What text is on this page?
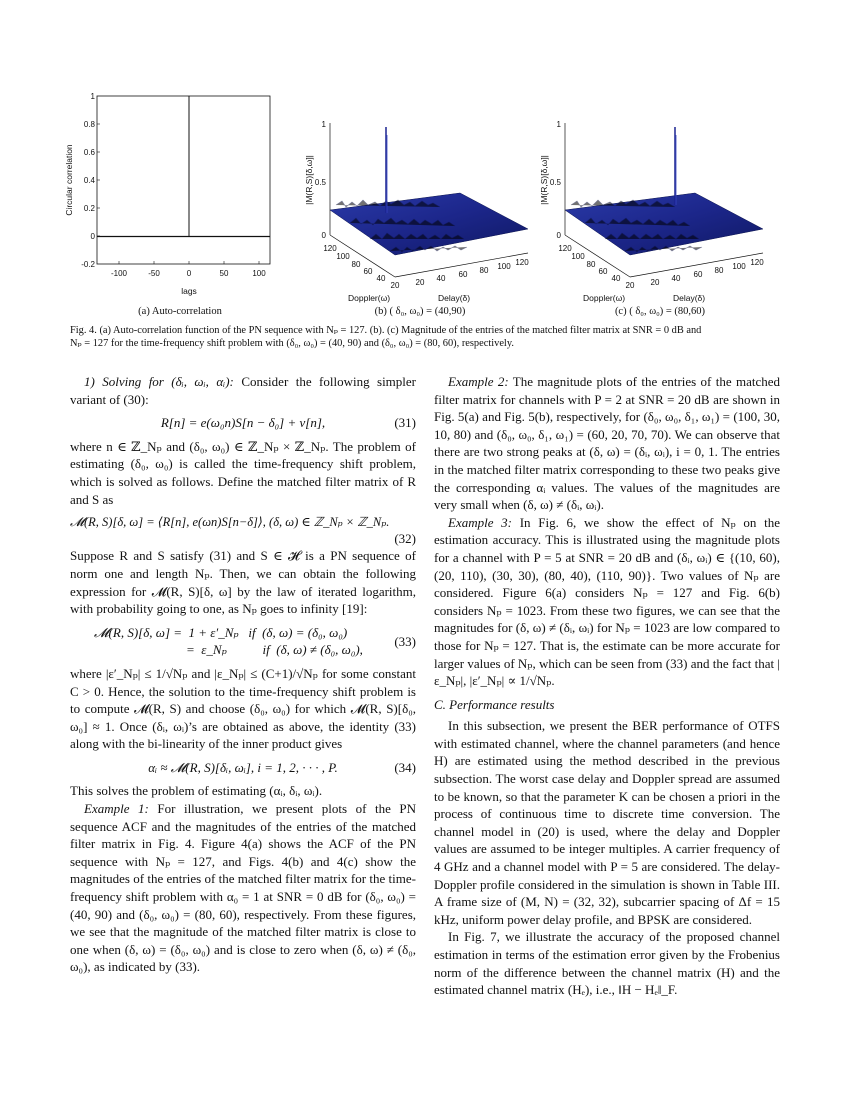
1
0.8
0.6
0.4
0.2
0
-0.2
-100	-50	0	50	100
lags
Circular correlation
1
0.5
0
120
100
80
60
40
20 20 40 60 80 100 120
|M(R,S)[δ,ω]|
Doppler(ω)	Delay(δ)
1
0.5
0
120
100
80
60
40
20 20 40 60 80 100 120
|M(R,S)[δ,ω]|
Doppler(ω)	Delay(δ)
(a) Auto-correlation	(b) ( δ₀, ω₀) = (40,90)	(c) ( δ₀, ω₀) = (80,60)
Fig. 4. (a) Auto-correlation function of the PN sequence with Nₚ = 127. (b). (c) Magnitude of the entries of the matched filter matrix at SNR = 0 dB and
Nₚ = 127 for the time-frequency shift problem with (δ₀, ω₀) = (40, 90) and (δ₀, ω₀) = (80, 60), respectively.

1) Solving for (δᵢ, ωᵢ, αᵢ): Consider the following simpler variant of (30):

R[n] = e(ω₀n)S[n − δ₀] + v[n],	(31)

where n ∈ ℤ_Nₚ and (δ₀, ω₀) ∈ ℤ_Nₚ × ℤ_Nₚ. The problem of estimating (δ₀, ω₀) is called the time-frequency shift problem, which is solved as follows. Define the matched filter matrix of R and S as

𝓜(R, S)[δ, ω] = ⟨R[n], e(ωn)S[n−δ]⟩, (δ, ω) ∈ ℤ_Nₚ × ℤ_Nₚ.
(32)

Suppose R and S satisfy (31) and S ∈ 𝓗 is a PN sequence of norm one and length Nₚ. Then, we can obtain the following expression for 𝓜(R, S)[δ, ω] by the law of iterated logarithm, with probability going to one, as Nₚ goes to infinity [19]:

𝓜(R, S)[δ, ω] =  1 + ε′_Nₚ   if  (δ, ω) = (δ₀, ω₀)
=  ε_Nₚ           if  (δ, ω) ≠ (δ₀, ω₀),
(33)

where |ε′_Nₚ| ≤ 1/√Nₚ and |ε_Nₚ| ≤ (C+1)/√Nₚ for some constant C > 0. Hence, the solution to the time-frequency shift problem is to compute 𝓜(R, S) and choose (δ₀, ω₀) for which 𝓜(R, S)[δ₀, ω₀] ≈ 1. Once (δᵢ, ωᵢ)’s are obtained as above, the identity (33) along with the bi-linearity of the inner product gives

αᵢ ≈ 𝓜(R, S)[δᵢ, ωᵢ], i = 1, 2, · · · , P.	(34)

This solves the problem of estimating (αᵢ, δᵢ, ωᵢ).

Example 1: For illustration, we present plots of the PN sequence ACF and the magnitudes of the entries of the matched filter matrix in Fig. 4. Figure 4(a) shows the ACF of the PN sequence with Nₚ = 127, and Figs. 4(b) and 4(c) show the magnitudes of the entries of the matched filter matrix for the time-frequency shift problem with α₀ = 1 at SNR = 0 dB for (δ₀, ω₀) = (40, 90) and (δ₀, ω₀) = (80, 60), respectively. From these figures, we see that the magnitude of the matched filter matrix is close to one when (δ, ω) = (δ₀, ω₀) and is close to zero when (δ, ω) ≠ (δ₀, ω₀), as indicated by (33).

Example 2: The magnitude plots of the entries of the matched filter matrix for channels with P = 2 at SNR = 20 dB are shown in Fig. 5(a) and Fig. 5(b), respectively, for (δ₀, ω₀, δ₁, ω₁) = (100, 30, 10, 80) and (δ₀, ω₀, δ₁, ω₁) = (60, 20, 70, 70). We can observe that there are two strong peaks at (δ, ω) = (δᵢ, ωᵢ), i = 0, 1. The entries in the matched filter matrix corresponding to these two peaks give the corresponding αᵢ values. The values of the magnitudes are very small when (δ, ω) ≠ (δᵢ, ωᵢ).

Example 3: In Fig. 6, we show the effect of Nₚ on the estimation accuracy. This is illustrated using the magnitude plots for a channel with P = 5 at SNR = 20 dB and (δᵢ, ωᵢ) ∈ {(10, 60), (20, 110), (30, 30), (80, 40), (110, 90)}. Two values of Nₚ are considered. Figure 6(a) considers Nₚ = 127 and Fig. 6(b) considers Nₚ = 1023. From these two figures, we can see that the magnitudes for (δ, ω) ≠ (δᵢ, ωᵢ) for Nₚ = 1023 are low compared to those for Nₚ = 127. That is, the estimate can be more accurate for larger values of Nₚ, which can be seen from (33) and the fact that |ε_Nₚ|, |ε′_Nₚ| ∝ 1/√Nₚ.

C. Performance results

In this subsection, we present the BER performance of OTFS with estimated channel, where the channel parameters (and hence H) are estimated using the method described in the previous subsection. The worst case delay and Doppler spread are assumed to be known, so that the parameter K can be chosen a priori in the process of continuous time to discrete time conversion. The channel model in (20) is used, where the delay and Doppler values are assumed to be integer multiples. A carrier frequency of 4 GHz and a channel model with P = 5 are considered. The delay-Doppler profile considered in the simulation is shown in Table III. A frame size of (M, N) = (32, 32), subcarrier spacing of Δf = 15 kHz, uniform power delay profile, and BPSK are considered.

In Fig. 7, we illustrate the accuracy of the proposed channel estimation in terms of the estimation error given by the Frobenius norm of the difference between the channel matrix (H) and the estimated channel matrix (Hₑ), i.e., ‖H − Hₑ‖_F.
